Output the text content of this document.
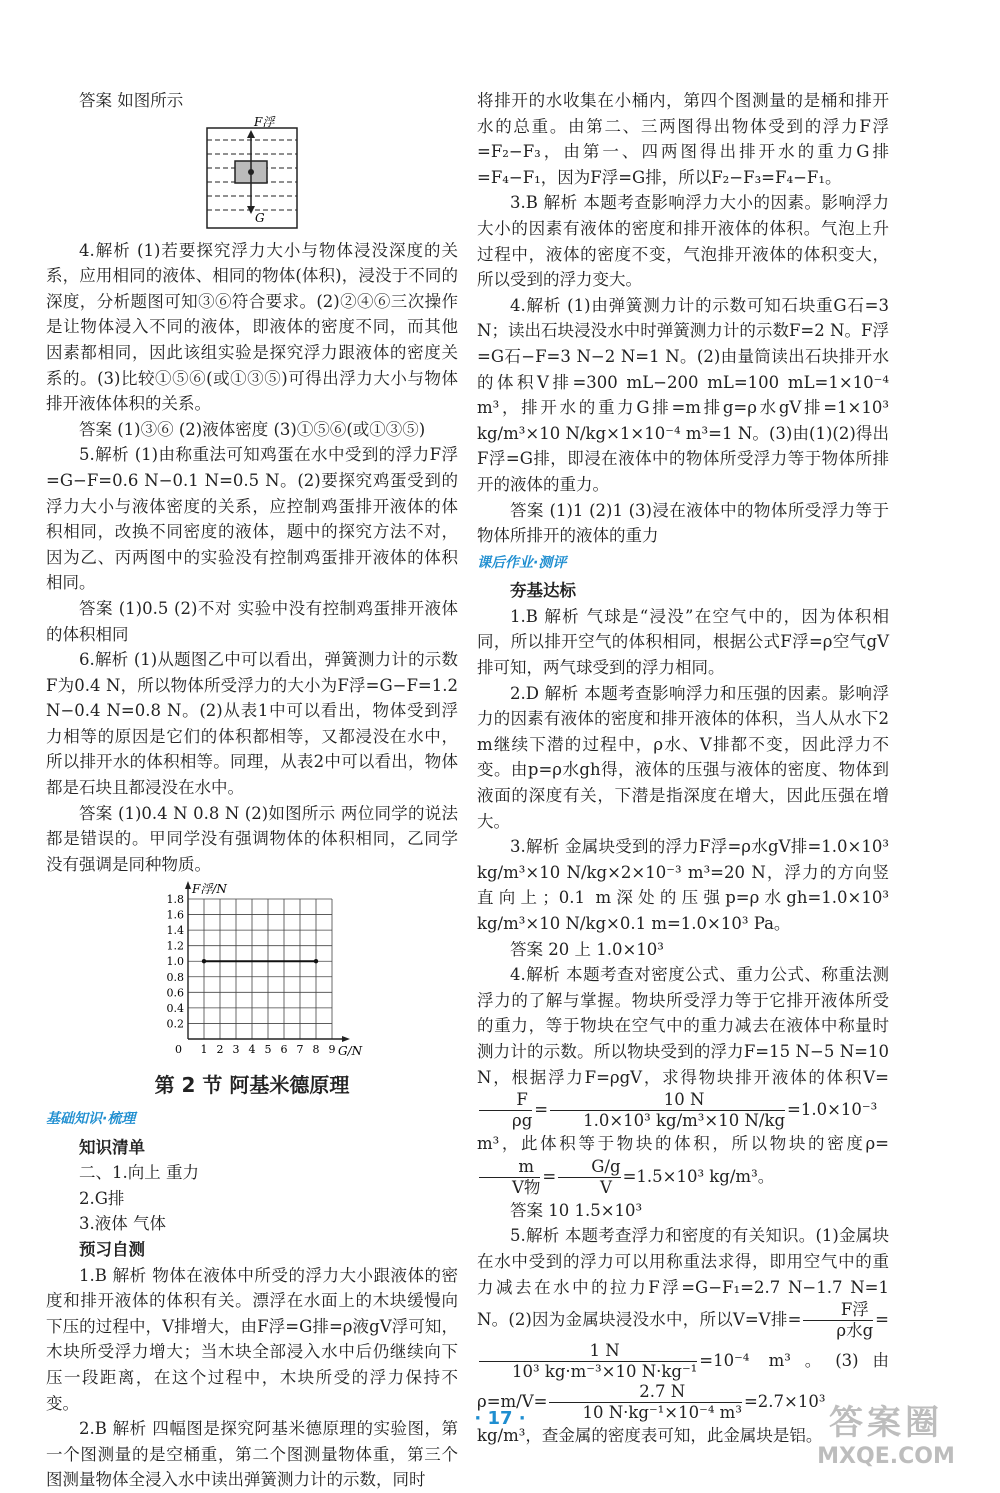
答案 如图所示

F浮
G

4.解析 (1)若要探究浮力大小与物体浸没深度的关系，应用相同的液体、相同的物体(体积)，浸没于不同的深度，分析题图可知③⑥符合要求。(2)②④⑥三次操作是让物体浸入不同的液体，即液体的密度不同，而其他因素都相同，因此该组实验是探究浮力跟液体的密度关系的。(3)比较①⑤⑥(或①③⑤)可得出浮力大小与物体排开液体体积的关系。

答案 (1)③⑥ (2)液体密度 (3)①⑤⑥(或①③⑤)

5.解析 (1)由称重法可知鸡蛋在水中受到的浮力F浮=G−F=0.6 N−0.1 N=0.5 N。(2)要探究鸡蛋受到的浮力大小与液体密度的关系，应控制鸡蛋排开液体的体积相同，改换不同密度的液体，题中的探究方法不对，因为乙、丙两图中的实验没有控制鸡蛋排开液体的体积相同。

答案 (1)0.5 (2)不对 实验中没有控制鸡蛋排开液体的体积相同

6.解析 (1)从题图乙中可以看出，弹簧测力计的示数F为0.4 N，所以物体所受浮力的大小为F浮=G−F=1.2 N−0.4 N=0.8 N。(2)从表1中可以看出，物体受到浮力相等的原因是它们的体积都相等，又都浸没在水中，所以排开水的体积相等。同理，从表2中可以看出，物体都是石块且都浸没在水中。

答案 (1)0.4 N 0.8 N (2)如图所示 两位同学的说法都是错误的。甲同学没有强调物体的体积相同，乙同学没有强调是同种物质。

1 2 3 4 5 6 7 8 9
0.2
0.4
0.6
0.8
1.0
1.2
1.4
1.6
1.8
0	G/N
F浮/N
第 2 节 阿基米德原理
基础知识·梳理
知识清单
二、1.向上 重力
2.G排
3.液体 气体
预习自测

1.B 解析 物体在液体中所受的浮力大小跟液体的密度和排开液体的体积有关。漂浮在水面上的木块缓慢向下压的过程中，V排增大，由F浮=G排=ρ液gV浮可知，木块所受浮力增大；当木块全部浸入水中后仍继续向下压一段距离，在这个过程中，木块所受的浮力保持不变。

2.B 解析 四幅图是探究阿基米德原理的实验图，第一个图测量的是空桶重，第二个图测量物体重，第三个图测量物体全浸入水中读出弹簧测力计的示数，同时

将排开的水收集在小桶内，第四个图测量的是桶和排开水的总重。由第二、三两图得出物体受到的浮力F浮=F₂−F₃，由第一、四两图得出排开水的重力G排=F₄−F₁，因为F浮=G排，所以F₂−F₃=F₄−F₁。

3.B 解析 本题考查影响浮力大小的因素。影响浮力大小的因素有液体的密度和排开液体的体积。气泡上升过程中，液体的密度不变，气泡排开液体的体积变大，所以受到的浮力变大。

4.解析 (1)由弹簧测力计的示数可知石块重G石=3 N；读出石块浸没水中时弹簧测力计的示数F=2 N。F浮=G石−F=3 N−2 N=1 N。(2)由量筒读出石块排开水的体积V排=300 mL−200 mL=100 mL=1×10⁻⁴ m³，排开水的重力G排=m排g=ρ水gV排=1×10³ kg/m³×10 N/kg×1×10⁻⁴ m³=1 N。(3)由(1)(2)得出F浮=G排，即浸在液体中的物体所受浮力等于物体所排开的液体的重力。

答案 (1)1 (2)1 (3)浸在液体中的物体所受浮力等于物体所排开的液体的重力

课后作业·测评
夯基达标

1.B 解析 气球是“浸没”在空气中的，因为体积相同，所以排开空气的体积相同，根据公式F浮=ρ空气gV排可知，两气球受到的浮力相同。

2.D 解析 本题考查影响浮力和压强的因素。影响浮力的因素有液体的密度和排开液体的体积，当人从水下2 m继续下潜的过程中，ρ水、V排都不变，因此浮力不变。由p=ρ水gh得，液体的压强与液体的密度、物体到液面的深度有关，下潜是指深度在增大，因此压强在增大。

3.解析 金属块受到的浮力F浮=ρ水gV排=1.0×10³ kg/m³×10 N/kg×2×10⁻³ m³=20 N，浮力的方向竖直向上；0.1 m深处的压强p=ρ水gh=1.0×10³ kg/m³×10 N/kg×0.1 m=1.0×10³ Pa。

答案 20 上 1.0×10³

4.解析 本题考查对密度公式、重力公式、称重法测浮力的了解与掌握。物块所受浮力等于它排开液体所受的重力，等于物块在空气中的重力减去在液体中称量时测力计的示数。所以物块受到的浮力F=15 N−5 N=10 N，根据浮力F=ρgV，求得物块排开液体的体积V=
$\frac{F}{\rho g} = \frac{10 N}{\text{1.0×10³ kg/m³×10 N/kg}} =1.0\times 10^{-3}$ m³，此体积等于物块的体积，所以物块的密度ρ=
$\frac{m}{\text{V物}} = \frac{G/g}{V} =1.5\times 10^3$ kg/m³。

答案 10 1.5×10³

5.解析 本题考查浮力和密度的有关知识。(1)金属块在水中受到的浮力可以用称重法求得，即用空气中的重力减去在水中的拉力F浮=G−F₁=2.7 N−1.7 N=1 N。(2)因为金属块浸没水中，所以V=V排= $\frac{\text{F浮}}{\text{ρ水g}}$ =
$\frac{1 N}{\text{10³ kg·m⁻³×10 N·kg⁻¹}} =10^{-4}$ m³。(3)由$\rho=m/V= \frac{2.7 N}{\text{10 N·kg⁻¹×10⁻⁴ m³}} =2.7\times 10^3$ kg/m³，查金属的密度表可知，此金属块是铝。

· 17 ·	答案圈
MXQE.COM
